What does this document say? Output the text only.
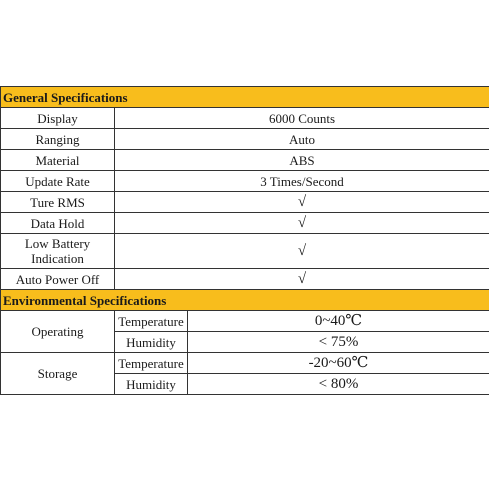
General Specifications		
Display	6000 Counts	
Ranging	Auto	
Material	ABS	
Update Rate	3 Times/Second	
Ture RMS	√	
Data Hold	√	
Low Battery Indication	√	
Auto Power Off	√	
Environmental Specifications		
Operating	Temperature	0~40℃
	Humidity	< 75%
Storage	Temperature	-20~60℃
	Humidity	< 80%
